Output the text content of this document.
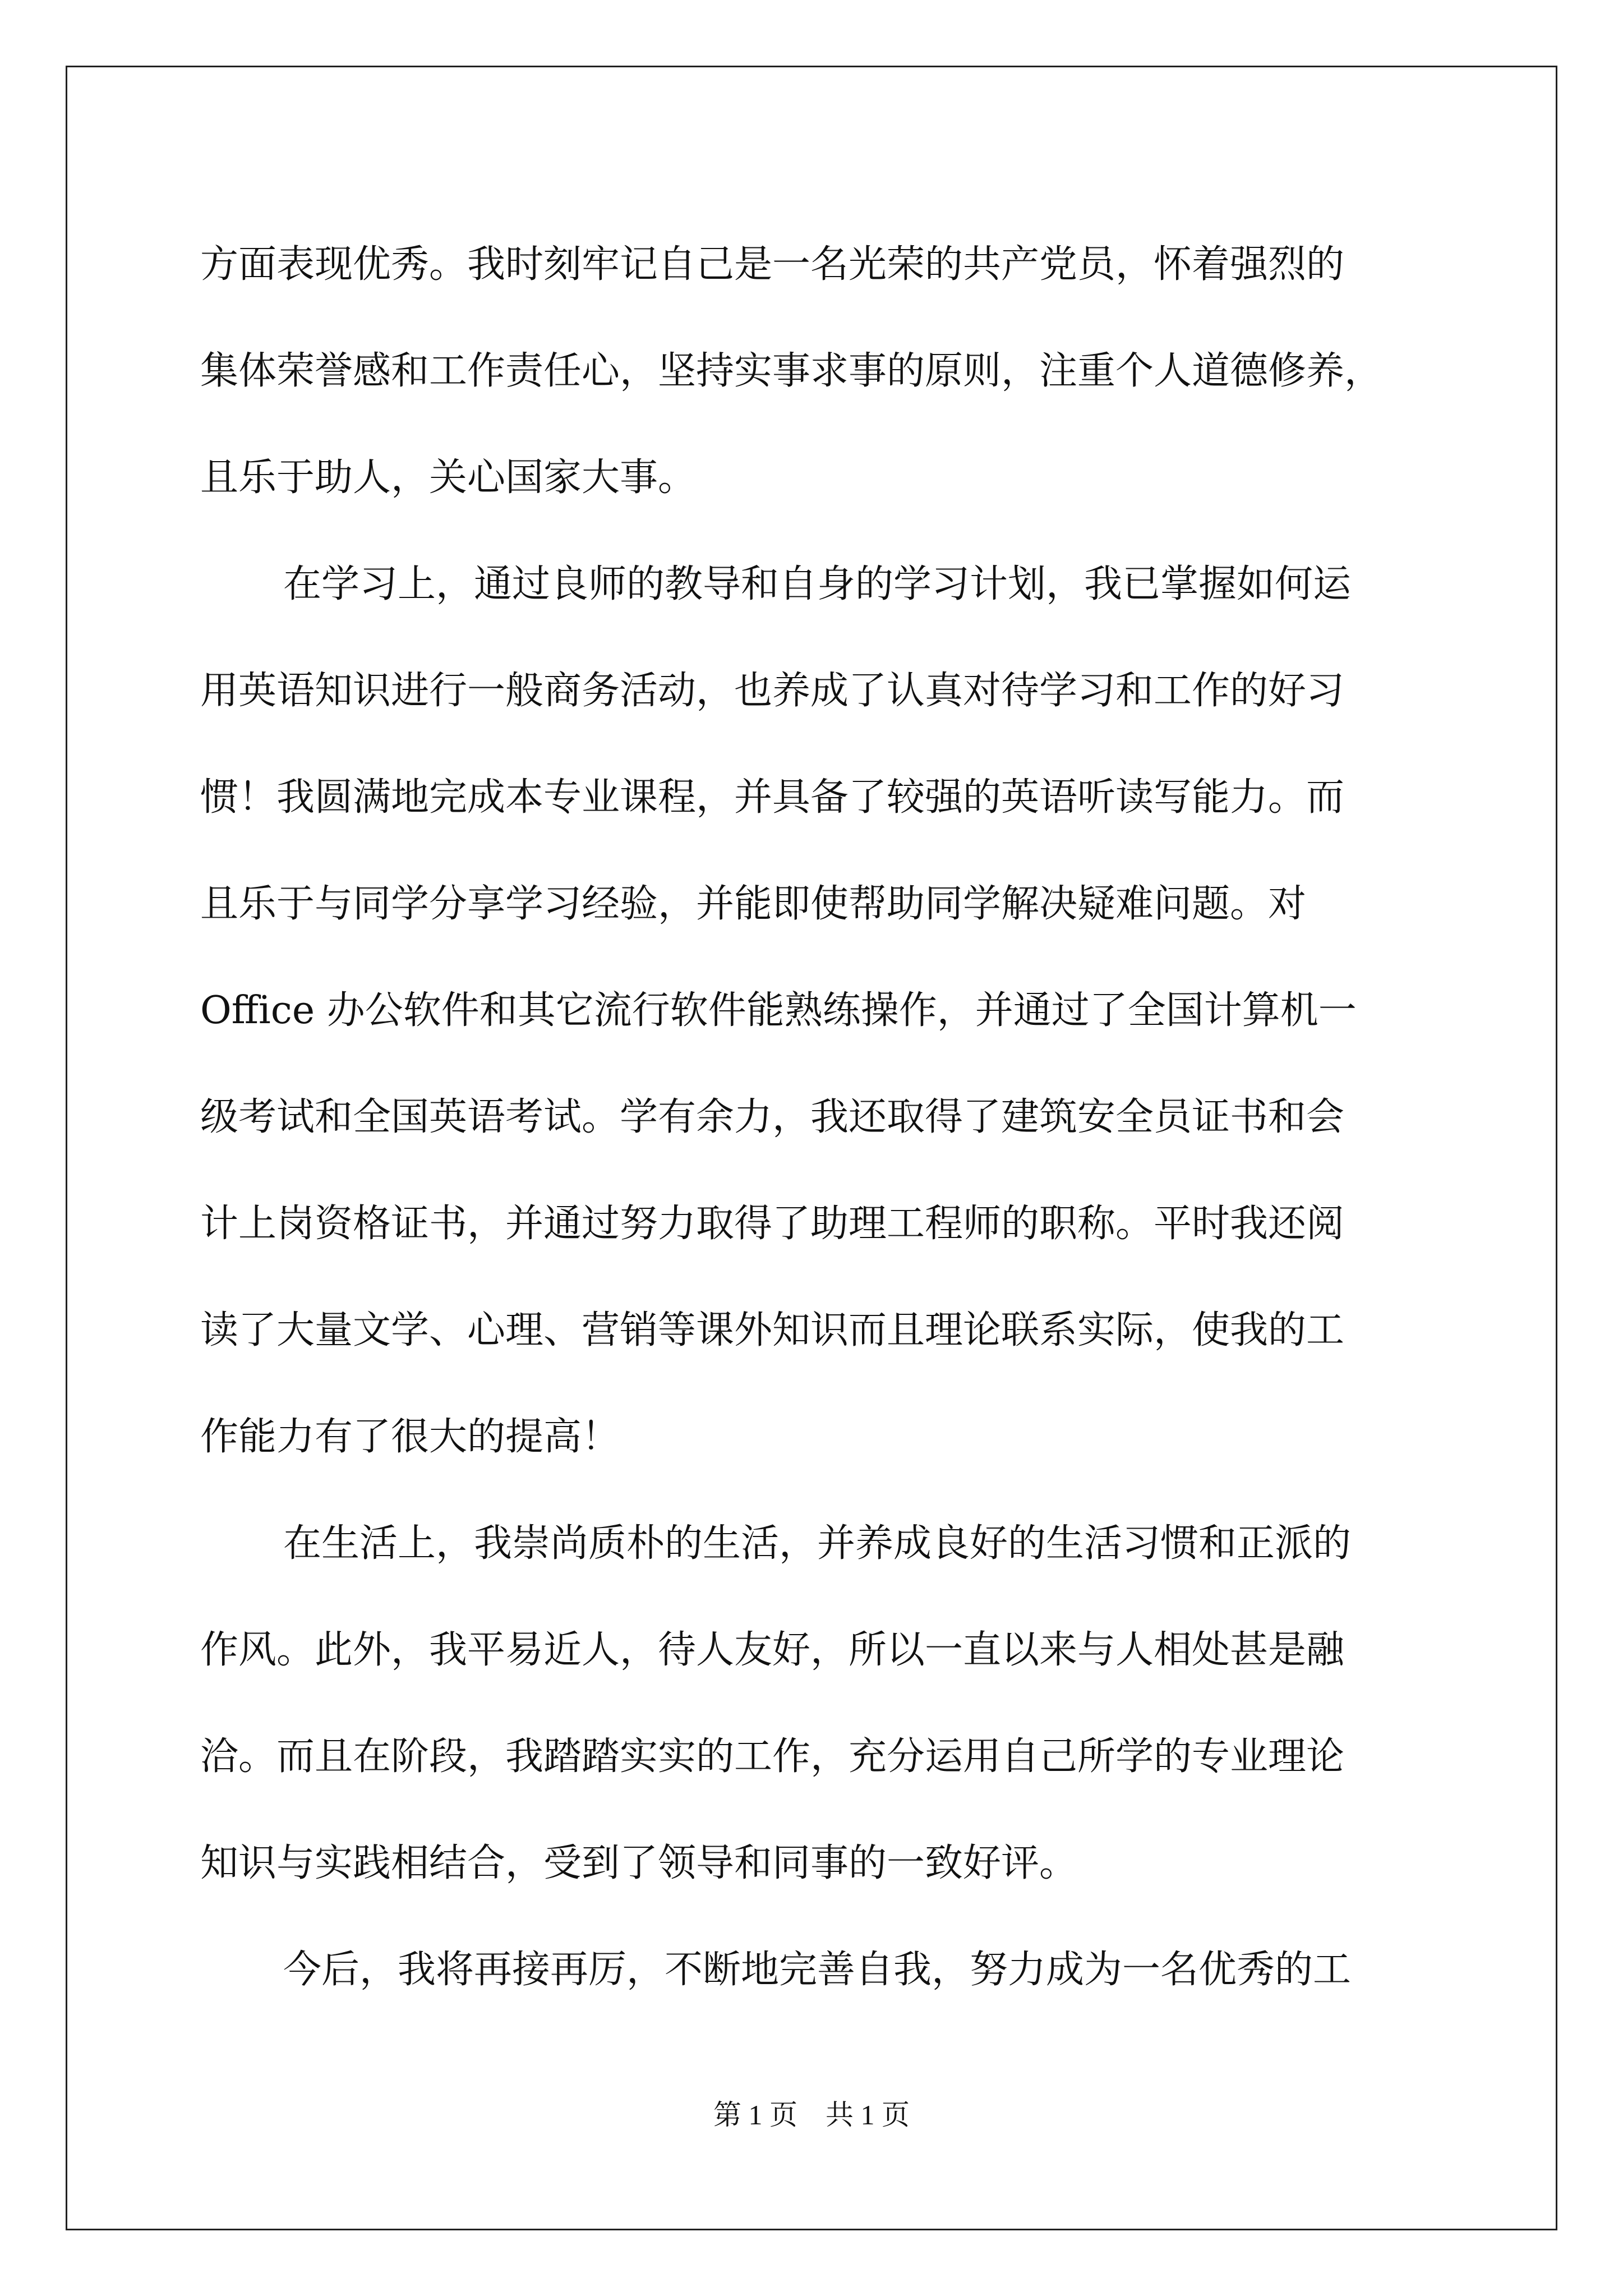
方面表现优秀。我时刻牢记自己是一名光荣的共产党员，怀着强烈的
集体荣誉感和工作责任心，坚持实事求事的原则，注重个人道德修养，
且乐于助人，关心国家大事。
在学习上，通过良师的教导和自身的学习计划，我已掌握如何运
用英语知识进行一般商务活动，也养成了认真对待学习和工作的好习
惯！我圆满地完成本专业课程，并具备了较强的英语听读写能力。而
且乐于与同学分享学习经验，并能即使帮助同学解决疑难问题。对
Office 办公软件和其它流行软件能熟练操作，并通过了全国计算机一
级考试和全国英语考试。学有余力，我还取得了建筑安全员证书和会
计上岗资格证书，并通过努力取得了助理工程师的职称。平时我还阅
读了大量文学、心理、营销等课外知识而且理论联系实际，使我的工
作能力有了很大的提高！
在生活上，我崇尚质朴的生活，并养成良好的生活习惯和正派的
作风。此外，我平易近人，待人友好，所以一直以来与人相处甚是融
洽。而且在阶段，我踏踏实实的工作，充分运用自己所学的专业理论
知识与实践相结合，受到了领导和同事的一致好评。
今后，我将再接再厉，不断地完善自我，努力成为一名优秀的工
第 1 页　共 1 页
